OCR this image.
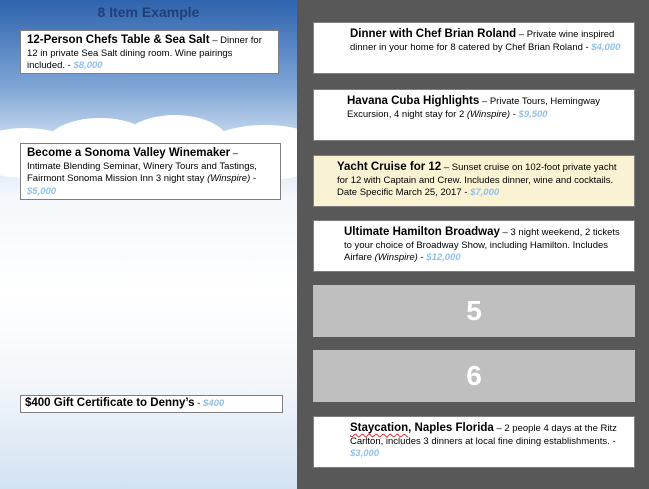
8 Item Example
12-Person Chefs Table & Sea Salt – Dinner for 12 in private Sea Salt dining room. Wine pairings included. - $8,000
Become a Sonoma Valley Winemaker –
Intimate Blending Seminar, Winery Tours and Tastings, Fairmont Sonoma Mission Inn 3 night stay (Winspire) - $5,000
$400 Gift Certificate to Denny’s - $400
Dinner with Chef Brian Roland – Private wine inspired dinner in your home for 8 catered by Chef Brian Roland - $4,000
Havana Cuba Highlights – Private Tours, Hemingway Excursion, 4 night stay for 2 (Winspire) - $9,500
Yacht Cruise for 12 – Sunset cruise on 102-foot private yacht for 12 with Captain and Crew. Includes dinner, wine and cocktails. Date Specific March 25, 2017 - $7,000
Ultimate Hamilton Broadway – 3 night weekend, 2 tickets to your choice of Broadway Show, including Hamilton. Includes Airfare (Winspire) - $12,000
5
6
Staycation, Naples Florida – 2 people 4 days at the Ritz Carlton, includes 3 dinners at local fine dining establishments. - $3,000
